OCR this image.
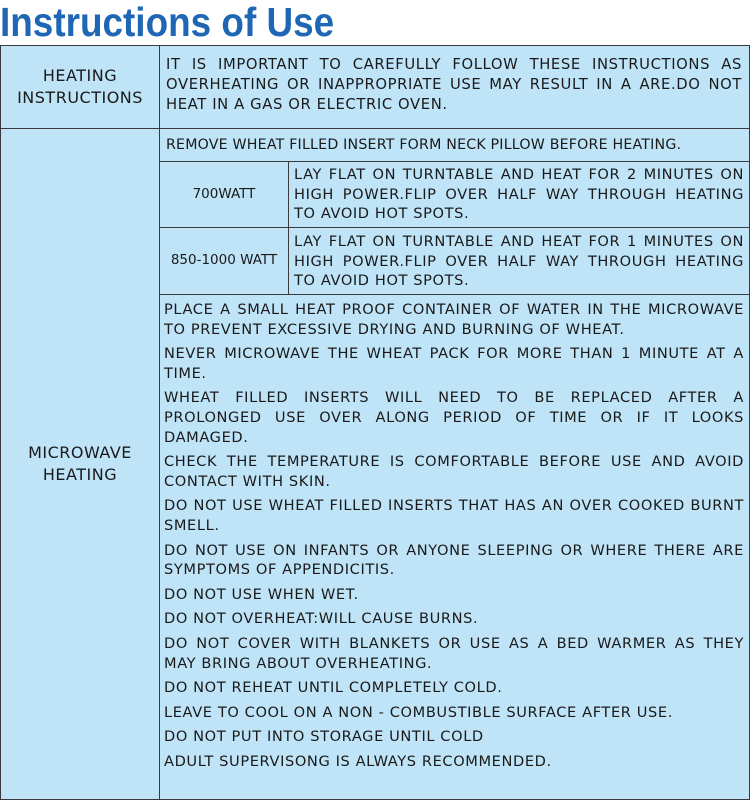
Instructions of Use
HEATING
INSTRUCTIONS
IT IS IMPORTANT TO CAREFULLY FOLLOW THESE INSTRUCTIONS AS OVERHEATING OR INAPPROPRIATE USE MAY RESULT IN A ARE.DO NOT HEAT IN A GAS OR ELECTRIC OVEN.
MICROWAVE
HEATING
REMOVE WHEAT FILLED INSERT FORM NECK PILLOW BEFORE HEATING.
700WATT
LAY FLAT ON TURNTABLE AND HEAT FOR 2 MINUTES ON HIGH POWER.FLIP OVER HALF WAY THROUGH HEATING TO AVOID HOT SPOTS.
850-1000 WATT
LAY FLAT ON TURNTABLE AND HEAT FOR 1 MINUTES ON HIGH POWER.FLIP OVER HALF WAY THROUGH HEATING TO AVOID HOT SPOTS.

PLACE A SMALL HEAT PROOF CONTAINER OF WATER IN THE MICROWAVE TO PREVENT EXCESSIVE DRYING AND BURNING OF WHEAT.

NEVER MICROWAVE THE WHEAT PACK FOR MORE THAN 1 MINUTE AT A TIME.

WHEAT FILLED INSERTS WILL NEED TO BE REPLACED AFTER A PROLONGED USE OVER ALONG PERIOD OF TIME OR IF IT LOOKS DAMAGED.

CHECK THE TEMPERATURE IS COMFORTABLE BEFORE USE AND AVOID CONTACT WITH SKIN.

DO NOT USE WHEAT FILLED INSERTS THAT HAS AN OVER COOKED BURNT SMELL.

DO NOT USE ON INFANTS OR ANYONE SLEEPING OR WHERE THERE ARE SYMPTOMS OF APPENDICITIS.

DO NOT USE WHEN WET.

DO NOT OVERHEAT:WILL CAUSE BURNS.

DO NOT COVER WITH BLANKETS OR USE AS A BED WARMER AS THEY MAY BRING ABOUT OVERHEATING.

DO NOT REHEAT UNTIL COMPLETELY COLD.

LEAVE TO COOL ON A NON - COMBUSTIBLE SURFACE AFTER USE.

DO NOT PUT INTO STORAGE UNTIL COLD

ADULT SUPERVISONG IS ALWAYS RECOMMENDED.
